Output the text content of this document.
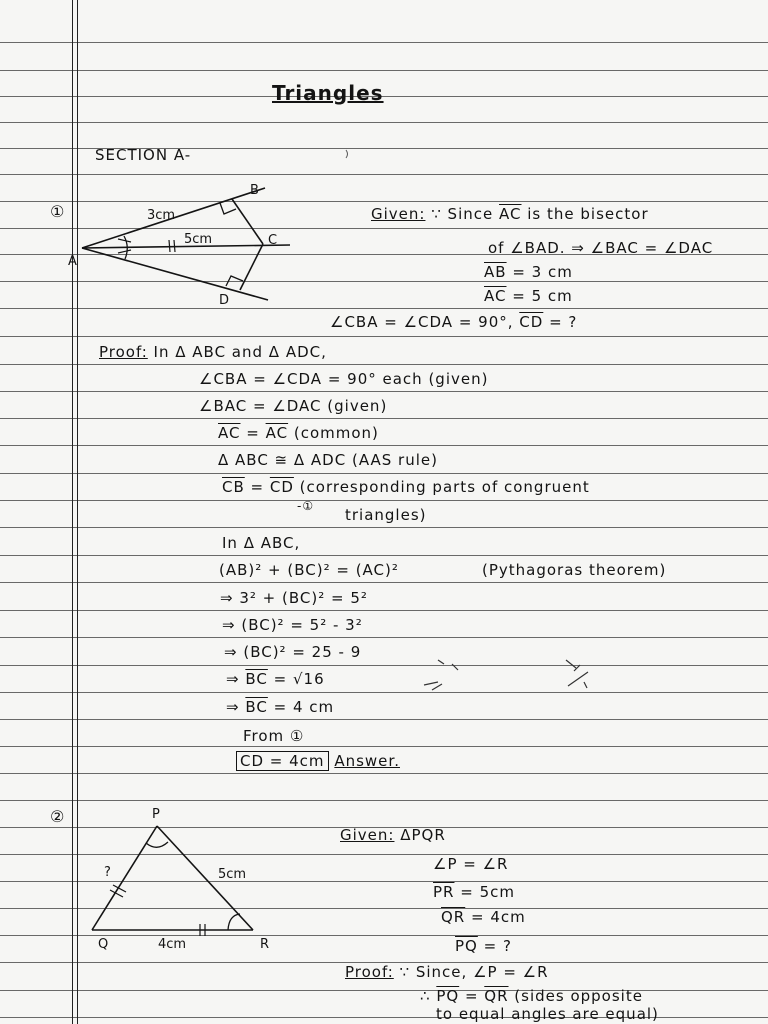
Triangles
SECTION A-
①
A
B
C
D
3cm
5cm
Given: ∵ Since $\overline{AC}$ is the bisector
of ∠BAD. ⇒ ∠BAC = ∠DAC
$\overline{AB} = 3$ cm
$\overline{AC} = 5$ cm
∠CBA = ∠CDA = 90°, $\overline{CD}$ = ?
Proof: In Δ ABC and Δ ADC,
∠CBA = ∠CDA = 90° each (given)
∠BAC = ∠DAC (given)
$\overline{AC} = \overline{AC}$ (common)
Δ ABC ≅ Δ ADC (AAS rule)
$\overline{CB} = \overline{CD}$ (corresponding parts of congruent
-① triangles)
In Δ ABC,
(AB)² + (BC)² = (AC)²	(Pythagoras theorem)
⇒ 3² + (BC)² = 5²
⇒ (BC)² = 5² - 3²
⇒ (BC)² = 25 - 9
⇒ $\overline{BC} = √16$
⇒ $\overline{BC} = 4$ cm
From ①
$\overline{CD} = 4cm$ Answer.
②	P
Q	R
5cm
4cm
?
Given: ΔPQR
∠P = ∠R
$\overline{PR} = 5cm$
$\overline{QR} = 4cm$
$\overline{PQ}$ = ?
Proof: ∵ Since, ∠P = ∠R
∴ $\overline{PQ} = \overline{QR}$ (sides opposite
to equal angles are equal)
